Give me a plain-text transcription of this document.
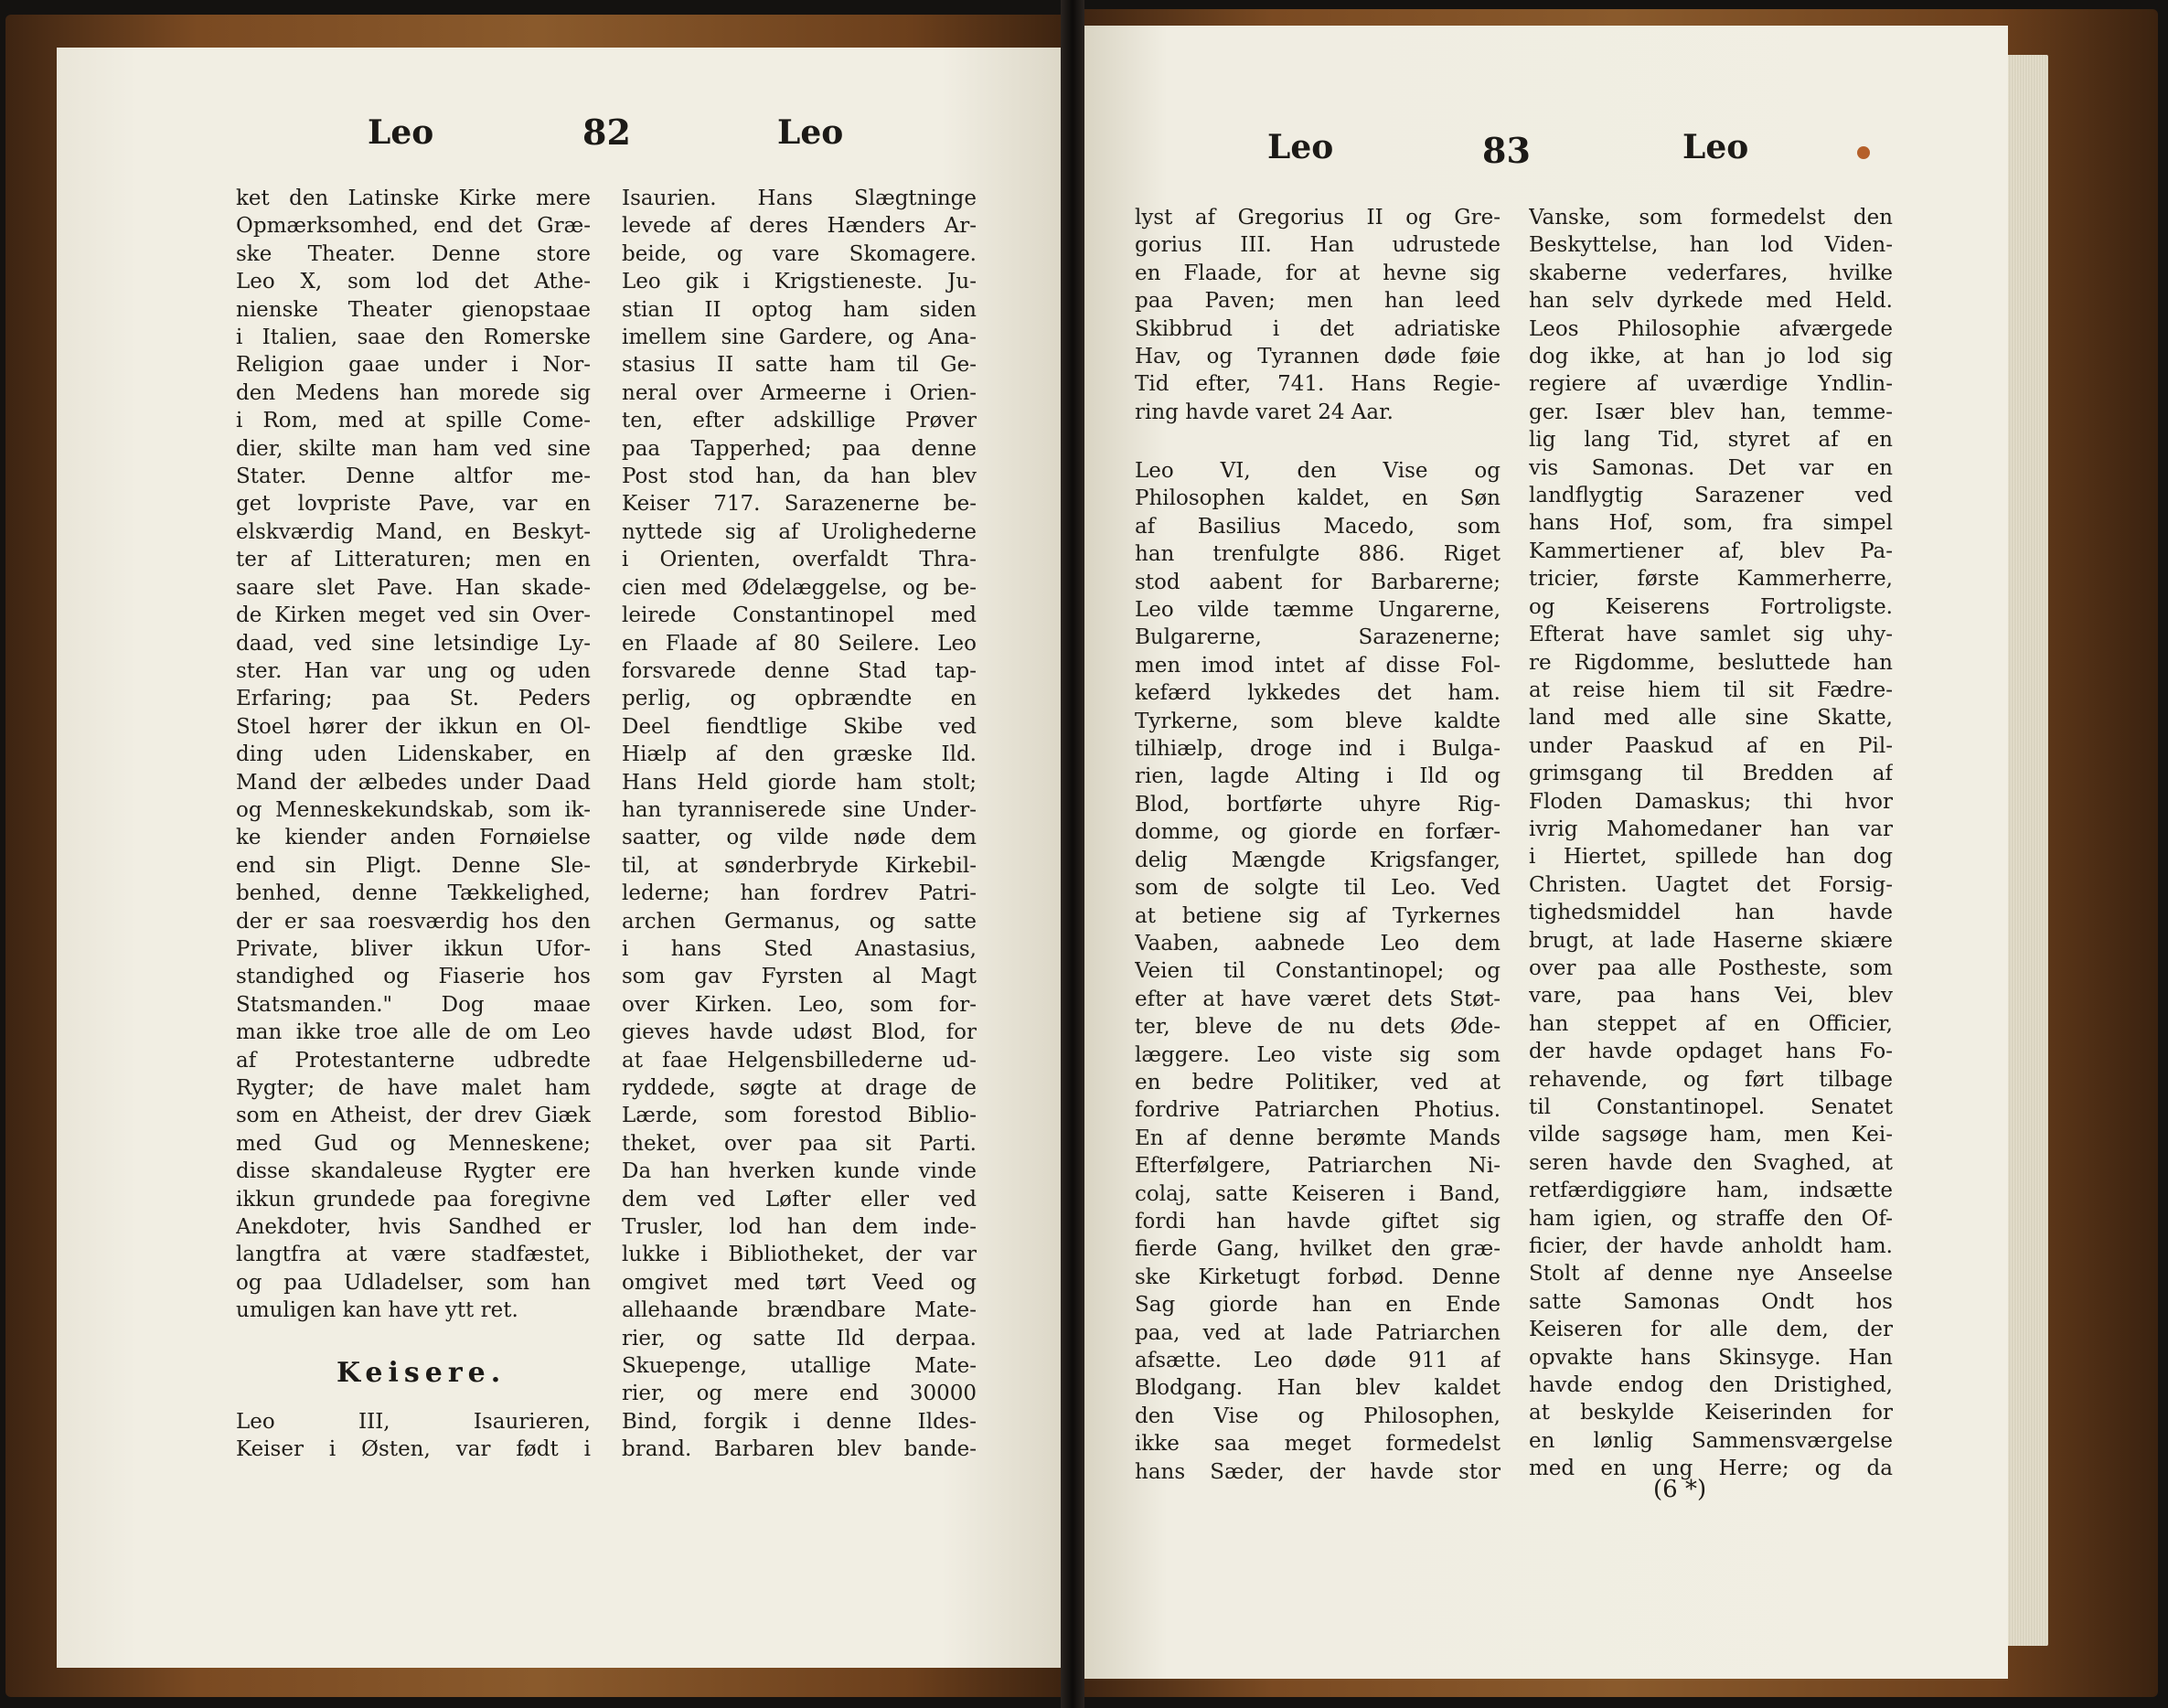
Leo	82	Leo
ket den Latinske Kirke mere
Opmærksomhed, end det Græ-
ske Theater. Denne store
Leo X, som lod det Athe-
nienske Theater gienopstaae
i Italien, saae den Romerske
Religion gaae under i Nor-
den Medens han morede sig
i Rom, med at spille Come-
dier, skilte man ham ved sine
Stater. Denne altfor me-
get lovpriste Pave, var en
elskværdig Mand, en Beskyt-
ter af Litteraturen; men en
saare slet Pave. Han skade-
de Kirken meget ved sin Over-
daad, ved sine letsindige Ly-
ster. Han var ung og uden
Erfaring; paa St. Peders
Stoel hører der ikkun en Ol-
ding uden Lidenskaber, en
Mand der ælbedes under Daad
og Menneskekundskab, som ik-
ke kiender anden Fornøielse
end sin Pligt. Denne Sle-
benhed, denne Tækkelighed,
der er saa roesværdig hos den
Private, bliver ikkun Ufor-
standighed og Fiaserie hos
Statsmanden." Dog maae
man ikke troe alle de om Leo
af Protestanterne udbredte
Rygter; de have malet ham
som en Atheist, der drev Giæk
med Gud og Menneskene;
disse skandaleuse Rygter ere
ikkun grundede paa foregivne
Anekdoter, hvis Sandhed er
langtfra at være stadfæstet,
og paa Udladelser, som han
umuligen kan have ytt ret.
Keisere.
Leo III, Isaurieren,
Keiser i Østen, var født i
Isaurien. Hans Slægtninge
levede af deres Hænders Ar-
beide, og vare Skomagere.
Leo gik i Krigstieneste. Ju-
stian II optog ham siden
imellem sine Gardere, og Ana-
stasius II satte ham til Ge-
neral over Armeerne i Orien-
ten, efter adskillige Prøver
paa Tapperhed; paa denne
Post stod han, da han blev
Keiser 717. Sarazenerne be-
nyttede sig af Urolighederne
i Orienten, overfaldt Thra-
cien med Ødelæggelse, og be-
leirede Constantinopel med
en Flaade af 80 Seilere. Leo
forsvarede denne Stad tap-
perlig, og opbrændte en
Deel fiendtlige Skibe ved
Hiælp af den græske Ild.
Hans Held giorde ham stolt;
han tyranniserede sine Under-
saatter, og vilde nøde dem
til, at sønderbryde Kirkebil-
lederne; han fordrev Patri-
archen Germanus, og satte
i hans Sted Anastasius,
som gav Fyrsten al Magt
over Kirken. Leo, som for-
gieves havde udøst Blod, for
at faae Helgensbillederne ud-
ryddede, søgte at drage de
Lærde, som forestod Biblio-
theket, over paa sit Parti.
Da han hverken kunde vinde
dem ved Løfter eller ved
Trusler, lod han dem inde-
lukke i Bibliotheket, der var
omgivet med tørt Veed og
allehaande brændbare Mate-
rier, og satte Ild derpaa.
Skuepenge, utallige Mate-
rier, og mere end 30000
Bind, forgik i denne Ildes-
brand. Barbaren blev bande-
Leo	83	Leo
lyst af Gregorius II og Gre-
gorius III. Han udrustede
en Flaade, for at hevne sig
paa Paven; men han leed
Skibbrud i det adriatiske
Hav, og Tyrannen døde føie
Tid efter, 741. Hans Regie-
ring havde varet 24 Aar.
Leo VI, den Vise og
Philosophen kaldet, en Søn
af Basilius Macedo, som
han trenfulgte 886. Riget
stod aabent for Barbarerne;
Leo vilde tæmme Ungarerne,
Bulgarerne, Sarazenerne;
men imod intet af disse Fol-
kefærd lykkedes det ham.
Tyrkerne, som bleve kaldte
tilhiælp, droge ind i Bulga-
rien, lagde Alting i Ild og
Blod, bortførte uhyre Rig-
domme, og giorde en forfær-
delig Mængde Krigsfanger,
som de solgte til Leo. Ved
at betiene sig af Tyrkernes
Vaaben, aabnede Leo dem
Veien til Constantinopel; og
efter at have været dets Støt-
ter, bleve de nu dets Øde-
læggere. Leo viste sig som
en bedre Politiker, ved at
fordrive Patriarchen Photius.
En af denne berømte Mands
Efterfølgere, Patriarchen Ni-
colaj, satte Keiseren i Band,
fordi han havde giftet sig
fierde Gang, hvilket den græ-
ske Kirketugt forbød. Denne
Sag giorde han en Ende
paa, ved at lade Patriarchen
afsætte. Leo døde 911 af
Blodgang. Han blev kaldet
den Vise og Philosophen,
ikke saa meget formedelst
hans Sæder, der havde stor
Vanske, som formedelst den
Beskyttelse, han lod Viden-
skaberne vederfares, hvilke
han selv dyrkede med Held.
Leos Philosophie afværgede
dog ikke, at han jo lod sig
regiere af uværdige Yndlin-
ger. Især blev han, temme-
lig lang Tid, styret af en
vis Samonas. Det var en
landflygtig Sarazener ved
hans Hof, som, fra simpel
Kammertiener af, blev Pa-
tricier, første Kammerherre,
og Keiserens Fortroligste.
Efterat have samlet sig uhy-
re Rigdomme, besluttede han
at reise hiem til sit Fædre-
land med alle sine Skatte,
under Paaskud af en Pil-
grimsgang til Bredden af
Floden Damaskus; thi hvor
ivrig Mahomedaner han var
i Hiertet, spillede han dog
Christen. Uagtet det Forsig-
tighedsmiddel han havde
brugt, at lade Haserne skiære
over paa alle Postheste, som
vare, paa hans Vei, blev
han steppet af en Officier,
der havde opdaget hans Fo-
rehavende, og ført tilbage
til Constantinopel. Senatet
vilde sagsøge ham, men Kei-
seren havde den Svaghed, at
retfærdiggiøre ham, indsætte
ham igien, og straffe den Of-
ficier, der havde anholdt ham.
Stolt af denne nye Anseelse
satte Samonas Ondt hos
Keiseren for alle dem, der
opvakte hans Skinsyge. Han
havde endog den Dristighed,
at beskylde Keiserinden for
en lønlig Sammensværgelse
med en ung Herre; og da
(6 *)
